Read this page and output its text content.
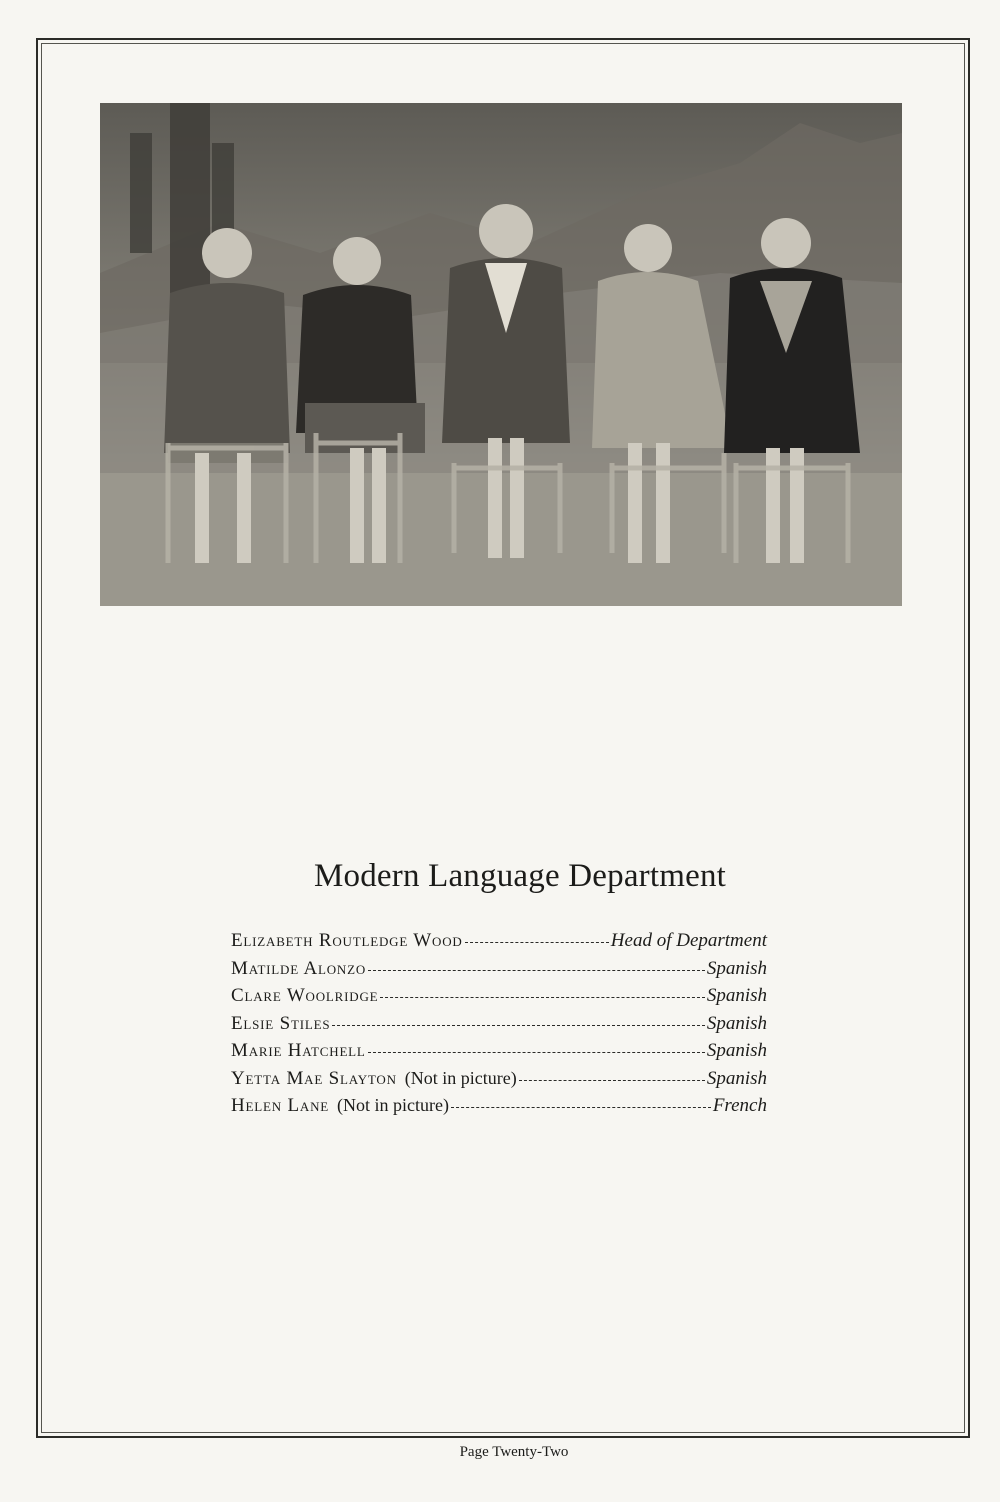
Modern Language Department
Elizabeth Routledge Wood	Head of Department
Matilde Alonzo	Spanish
Clare Woolridge	Spanish
Elsie Stiles	Spanish
Marie Hatchell	Spanish
Yetta Mae Slayton (Not in picture)	Spanish
Helen Lane (Not in picture)	French
Page Twenty-Two
